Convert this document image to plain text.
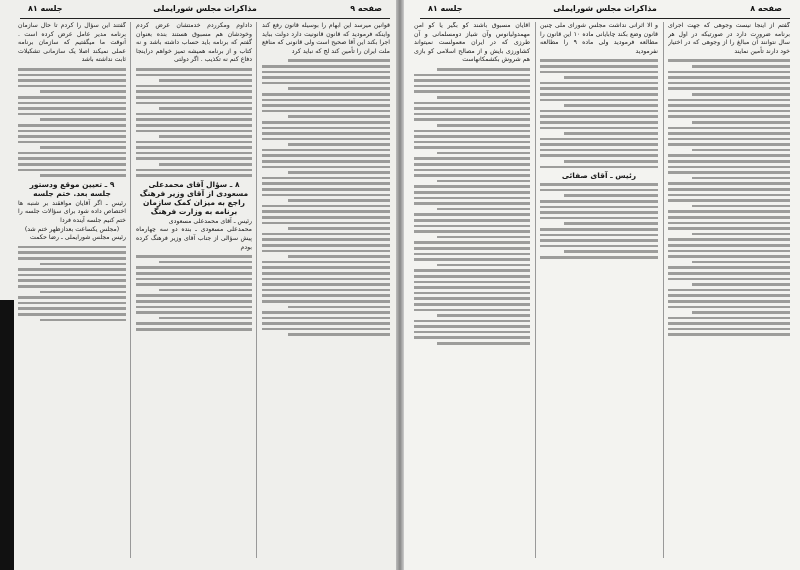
صفحه ۹
مذاکرات مجلس شورایملی
جلسه ۸۱

قوانین میرسد این ابهام را بوسیله قانون رفع کند واینکه فرمودید که قانون قانونیت دارد دولت بباید اجرا بکند این آقا صحیح است ولی قانونی که منافع ملت ایران را تأمین کند لج که نباید کرد

داداوم ومکرردم خدمتشان عرض کردم وخودشان هم مسبوق هستند بنده بعنوان گفتم که برنامه باید حساب داشته باشد و نه کتاب و از برنامه همیشه تمیز خواهم دراینجا دفاع کنم نه تکذیب . اگر دولتی

۸ ـ سؤال آقای محمدعلی مسعودی از آقای وزیر فرهنگ راجع به میزان کمک سازمان برنامه به وزارت فرهنگ

رئیس ـ آقای محمدعلی مسعودی

محمدعلی مسعودی ـ بنده دو سه چهارماه پیش سؤالی از جناب آقای وزیر فرهنگ کرده بودم

گفتند این سؤال را کردم تا حال سازمان برنامه مدیر عامل عرض کرده است . آنوقت ما میگفتیم که سازمان برنامه عملی نمیکند اصلا یک سازمانی تشکیلات ثابت نداشته باشد

۹ ـ تعیین موقع ودستور جلسه بعد. ختم جلسه

رئیس ـ اگر آقایان موافقند بر شنبه ها اختصاص داده شود برای سؤالات جلسه را ختم کنیم جلسه آینده فردا

(مجلس یکساعت بعدازظهر ختم شد)

رئیس مجلس شورایملی ـ رضا حکمت

صفحه ۸
مذاکرات مجلس شورایملی
جلسه ۸۱

گفتم از اینجا نیست وجوهی که جهت اجرای برنامه ضرورت دارد در صورتیکه در اول هر سال نتوانند آن مبالغ را از وجوهی که در اختیار خود دارند تأمین نمایند

و الا اثرانی نداشت مجلس شورای ملی چنین قانون وضع بکند چابایانی ماده ۱۰ این قانون را مطالعه فرمودید ولی ماده ۹ را مطالعه نفرمودید

رئیس ـ آقای صفائی

آقایان مسبوق باشند کو بگیر یا کو آمن مهمدولیانوس وآن شیاز دومسلمانی و آن طرزی که در ایران معمولست نمیتواند کشاورزی بایش و از مصالح اسلامی کو بازی هم شروش بکشمکانهاست
